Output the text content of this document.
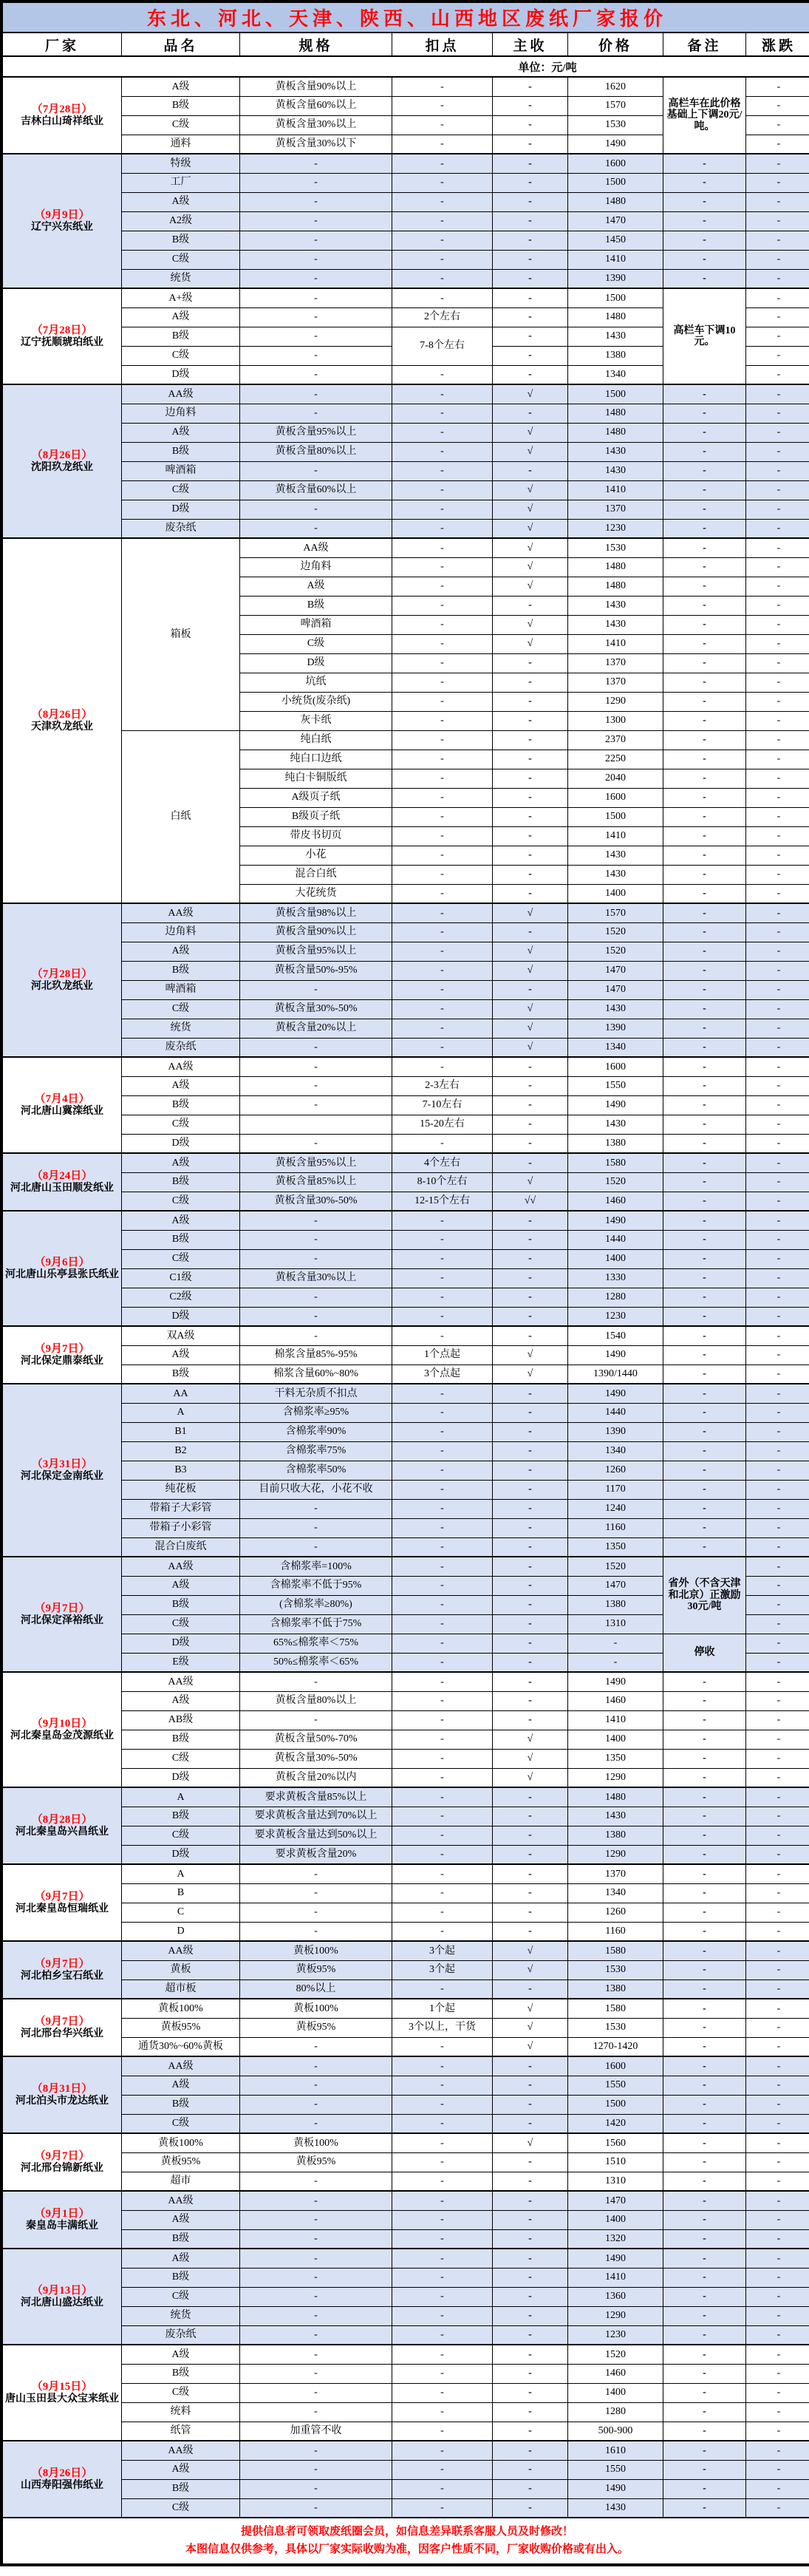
东北、河北、天津、陕西、山西地区废纸厂家报价							
厂家	品名	规格	扣点	主收	价格	备注	涨跌
单位：元/吨							

（7月28日）
吉林白山琦祥纸业	A级	黄板含量90%以上	-	-	1620	高栏车在此价格基础上下调20元/吨。	-
	B级	黄板含量60%以上	-	-	1570		-
	C级	黄板含量30%以上	-	-	1530		-
	通料	黄板含量30%以下	-	-	1490		-

（9月9日）
辽宁兴东纸业	特级	-	-	-	1600	-	-
	工厂	-	-	-	1500	-	-
	A级	-	-	-	1480	-	-
	A2级	-	-	-	1470	-	-
	B级	-	-	-	1450	-	-
	C级	-	-	-	1410	-	-
	统货	-	-	-	1390	-	-

（7月28日）
辽宁抚顺琥珀纸业	A+级	-	-	-	1500	高栏车下调10元。	-
	A级	-	2个左右	-	1480		-
	B级	-	7-8个左右	-	1430		-
	C级	-		-	1380		-
	D级	-	-	-	1340		-

（8月26日）
沈阳玖龙纸业	AA级	-	-	√	1500	-	-
	边角料	-	-	-	1480	-	-
	A级	黄板含量95%以上	-	√	1480	-	-
	B级	黄板含量80%以上	-	√	1430	-	-
	啤酒箱	-	-	-	1430	-	-
	C级	黄板含量60%以上	-	√	1410	-	-
	D级	-	-	√	1370	-	-
	废杂纸	-	-	√	1230	-	-

（8月26日）
天津玖龙纸业	箱板	AA级	-	√	1530	-	-
		边角料	-	√	1480	-	-
		A级	-	√	1480	-	-
		B级	-	-	1430	-	-
		啤酒箱	-	√	1430	-	-
		C级	-	√	1410	-	-
		D级	-	-	1370	-	-
		坑纸	-	-	1370	-	-
		小统货(废杂纸)	-	-	1290	-	-
		灰卡纸	-	-	1300	-	-
	白纸	纯白纸	-	-	2370	-	-
		纯白口边纸	-	-	2250	-	-
		纯白卡铜版纸	-	-	2040	-	-
		A级页子纸	-	-	1600	-	-
		B级页子纸	-	-	1500	-	-
		带皮书切页	-	-	1410	-	-
		小花	-	-	1430	-	-
		混合白纸	-	-	1430	-	-
		大花统货	-	-	1400	-	-

（7月28日）
河北玖龙纸业	AA级	黄板含量98%以上	-	√	1570	-	-
	边角料	黄板含量90%以上	-	-	1520	-	-
	A级	黄板含量95%以上	-	√	1520	-	-
	B级	黄板含量50%-95%	-	√	1470	-	-
	啤酒箱	-	-	-	1470	-	-
	C级	黄板含量30%-50%	-	√	1430	-	-
	统货	黄板含量20%以上	-	√	1390	-	-
	废杂纸	-	-	√	1340	-	-

（7月4日）
河北唐山冀滦纸业	AA级	-	-	-	1600	-	-
	A级	-	2-3左右	-	1550	-	-
	B级	-	7-10左右	-	1490	-	-
	C级		15-20左右	-	1430	-	-
	D级	-	-	-	1380	-	-

（8月24日）
河北唐山玉田顺发纸业	A级	黄板含量95%以上	4个左右	-	1580	-	-
	B级	黄板含量85%以上	8-10个左右	√	1520	-	-
	C级	黄板含量30%-50%	12-15个左右	√√	1460	-	-

（9月6日）
河北唐山乐亭县张氏纸业	A级	-	-	-	1490	-	-
	B级	-	-	-	1440	-	-
	C级	-	-	-	1400	-	-
	C1级	黄板含量30%以上	-	-	1330	-	-
	C2级	-	-	-	1280	-	-
	D级	-	-	-	1230	-	-

（9月7日）
河北保定鼎泰纸业	双A级	-	-	-	1540	-	-
	A级	棉浆含量85%-95%	1个点起	√	1490	-	-
	B级	棉浆含量60%~80%	3个点起	√	1390/1440	-	-

（3月31日）
河北保定金南纸业	AA	干料无杂质不扣点	-	-	1490	-	-
	A	含棉浆率≥95%	-	-	1440	-	-
	B1	含棉浆率90%	-	-	1390	-	-
	B2	含棉浆率75%	-	-	1340	-	-
	B3	含棉浆率50%	-	-	1260	-	-
	纯花板	目前只收大花，小花不收	-	-	1170	-	-
	带箱子大彩管	-	-	-	1240	-	-
	带箱子小彩管	-	-	-	1160	-	-
	混合白废纸	-	-	-	1350	-	-

（9月7日）
河北保定泽裕纸业	AA级	含棉浆率=100%	-	-	1520	省外（不含天津和北京）正激励30元/吨	-
	A级	含棉浆率不低于95%	-	-	1470		-
	B级	(含棉浆率≥80%)	-	-	1380		-
	C级	含棉浆率不低于75%	-	-	1310		-
	D级	65%≤棉浆率＜75%	-	-	-	停收	-
	E级	50%≤棉浆率＜65%	-	-	-		-

（9月10日）
河北秦皇岛金茂源纸业	AA级	-	-	-	1490	-	-
	A级	黄板含量80%以上	-	-	1460	-	-
	AB级	-	-	-	1410	-	-
	B级	黄板含量50%-70%	-	√	1400	-	-
	C级	黄板含量30%-50%	-	√	1350	-	-
	D级	黄板含量20%以内	-	√	1290	-	-

（8月28日）
河北秦皇岛兴昌纸业	A	要求黄板含量85%以上	-	-	1480	-	-
	B级	要求黄板含量达到70%以上	-	-	1430	-	-
	C级	要求黄板含量达到50%以上	-	-	1380	-	-
	D级	要求黄板含量20%	-	-	1290	-	-

（9月7日）
河北秦皇岛恒瑞纸业	A	-	-	-	1370	-	-
	B	-	-	-	1340	-	-
	C	-	-	-	1260	-	-
	D	-	-	-	1160	-	-

（9月7日）
河北柏乡宝石纸业	AA级	黄板100%	3个起	√	1580	-	-
	黄板	黄板95%	3个起	√	1530	-	-
	超市板	80%以上	-	-	1380	-	-

（9月7日）
河北邢台华兴纸业	黄板100%	黄板100%	1个起	√	1580	-	-
	黄板95%	黄板95%	3个以上，干货	√	1530	-	-
	通货30%~60%黄板	-	-	√	1270-1420	-	-

（8月31日）
河北泊头市龙达纸业	AA级	-	-	-	1600	-	-
	A级	-	-	-	1550	-	-
	B级	-	-	-	1500	-	-
	C级	-	-	-	1420	-	-

（9月7日）
河北邢台锦新纸业	黄板100%	黄板100%	-	√	1560	-	-
	黄板95%	黄板95%	-	-	1510	-	-
	超市	-	-	-	1310	-	-

（9月1日）
秦皇岛丰满纸业	AA级	-	-	-	1470	-	-
	A级	-	-	-	1400	-	-
	B级	-	-	-	1320	-	-

（9月13日）
河北唐山盛达纸业	A级	-	-	-	1490	-	-
	B级	-	-	-	1410	-	-
	C级	-	-	-	1360	-	-
	统货	-	-	-	1290	-	-
	废杂纸	-	-	-	1230	-	-

（9月15日）
唐山玉田县大众宝来纸业	A级	-	-	-	1520	-	-
	B级	-	-	-	1460	-	-
	C级	-	-	-	1400	-	-
	统料	-	-	-	1280	-	-
	纸管	加重管不收	-	-	500-900	-	-

（8月26日）
山西寿阳强伟纸业	AA级	-	-	-	1610	-	-
	A级	-	-	-	1550	-	-
	B级	-	-	-	1490	-	-
	C级	-	-	-	1430	-	-

提供信息者可领取废纸圈会员，如信息差异联系客服人员及时修改！
本图信息仅供参考，具体以厂家实际收购为准，因客户性质不同，厂家收购价格或有出入。							
